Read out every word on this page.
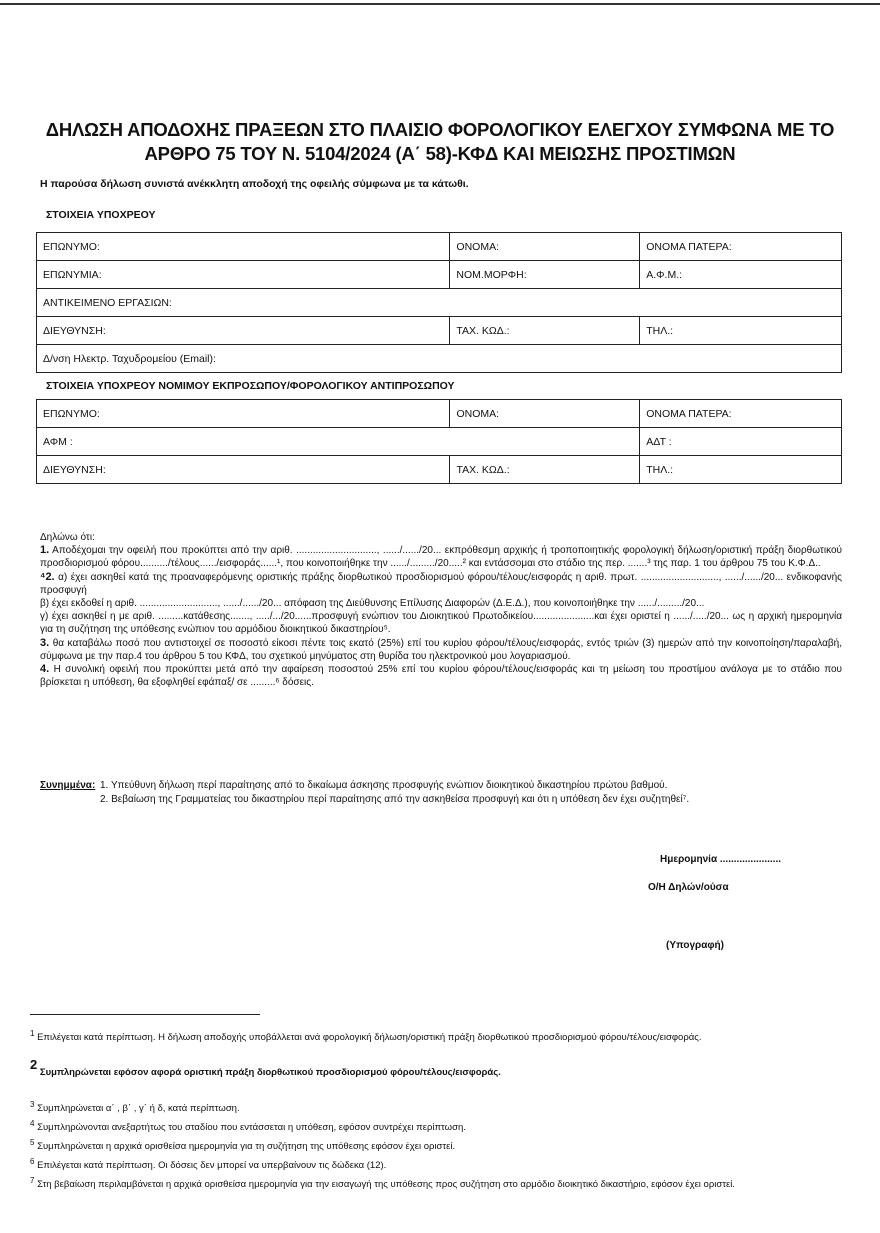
ΔΗΛΩΣΗ ΑΠΟΔΟΧΗΣ ΠΡΑΞΕΩΝ ΣΤΟ ΠΛΑΙΣΙΟ ΦΟΡΟΛΟΓΙΚΟΥ ΕΛΕΓΧΟΥ ΣΥΜΦΩΝΑ ΜΕ ΤΟ ΑΡΘΡΟ 75 ΤΟΥ Ν. 5104/2024 (Α΄ 58)-ΚΦΔ ΚΑΙ ΜΕΙΩΣΗΣ ΠΡΟΣΤΙΜΩΝ
Η παρούσα δήλωση συνιστά ανέκκλητη αποδοχή της οφειλής σύμφωνα με τα κάτωθι.
ΣΤΟΙΧΕΙΑ ΥΠΟΧΡΕΟΥ
ΕΠΩΝΥΜΟ:	ΟΝΟΜΑ:	ΟΝΟΜΑ ΠΑΤΕΡΑ:
ΕΠΩΝΥΜΙΑ:	ΝΟΜ.ΜΟΡΦΗ:	Α.Φ.Μ.:
ΑΝΤΙΚΕΙΜΕΝΟ ΕΡΓΑΣΙΩΝ:		
ΔΙΕΥΘΥΝΣΗ:	ΤΑΧ. ΚΩΔ.:	ΤΗΛ.:
Δ/νση Ηλεκτρ. Ταχυδρομείου (Email):		
ΣΤΟΙΧΕΙΑ ΥΠΟΧΡΕΟΥ ΝΟΜΙΜΟΥ ΕΚΠΡΟΣΩΠΟΥ/ΦΟΡΟΛΟΓΙΚΟΥ ΑΝΤΙΠΡΟΣΩΠΟΥ
ΕΠΩΝΥΜΟ:	ΟΝΟΜΑ:	ΟΝΟΜΑ ΠΑΤΕΡΑ:
ΑΦΜ :		ΑΔΤ :
ΔΙΕΥΘΥΝΣΗ:	ΤΑΧ. ΚΩΔ.:	ΤΗΛ.:

Δηλώνω ότι:

1. Αποδέχομαι την οφειλή που προκύπτει από την αριθ. ............................., ....../....../20... εκπρόθεσμη αρχικής ή τροποποιητικής φορολογική δήλωση/οριστική πράξη διορθωτικού προσδιορισμού φόρου........../τέλους....../εισφοράς......¹, που κοινοποιήθηκε την ....../........./20.....² και εντάσσομαι στο στάδιο της περ. .......³ της παρ. 1 του άρθρου 75 του Κ.Φ.Δ..

⁴2. α) έχει ασκηθεί κατά της προαναφερόμενης οριστικής πράξης διορθωτικού προσδιορισμού φόρου/τέλους/εισφοράς η αριθ. πρωτ. ............................, ....../....../20... ενδικοφανής προσφυγή

β) έχει εκδοθεί η αριθ. ............................, ....../....../20... απόφαση της Διεύθυνσης Επίλυσης Διαφορών (Δ.Ε.Δ.), που κοινοποιήθηκε την ....../........./20...

γ) έχει ασκηθεί η με αριθ. .........κατάθεσης......., ...../.../20......προσφυγή ενώπιον του Διοικητικού Πρωτοδικείου......................και έχει οριστεί η ....../...../20... ως η αρχική ημερομηνία για τη συζήτηση της υπόθεσης ενώπιον του αρμόδιου διοικητικού δικαστηρίου⁵.

3. θα καταβάλω ποσό που αντιστοιχεί σε ποσοστό είκοσι πέντε τοις εκατό (25%) επί του κυρίου φόρου/τέλους/εισφοράς, εντός τριών (3) ημερών από την κοινοποίηση/παραλαβή, σύμφωνα με την παρ.4 του άρθρου 5 του ΚΦΔ, του σχετικού μηνύματος στη θυρίδα του ηλεκτρονικού μου λογαριασμού.

4. Η συνολική οφειλή που προκύπτει μετά από την αφαίρεση ποσοστού 25% επί του κυρίου φόρου/τέλους/εισφοράς και τη μείωση του προστίμου ανάλογα με το στάδιο που βρίσκεται η υπόθεση, θα εξοφληθεί εφάπαξ/ σε .........⁶ δόσεις.

Συνημμένα: 1. Υπεύθυνη δήλωση περί παραίτησης από το δικαίωμα άσκησης προσφυγής ενώπιον διοικητικού δικαστηρίου πρώτου βαθμού.
2. Βεβαίωση της Γραμματείας του δικαστηρίου περί παραίτησης από την ασκηθείσα προσφυγή και ότι η υπόθεση δεν έχει συζητηθεί⁷.
Ημερομηνία ......................
Ο/Η Δηλών/ούσα
(Υπογραφή)
$^1$ Επιλέγεται κατά περίπτωση. Η δήλωση αποδοχής υποβάλλεται ανά φορολογική δήλωση/οριστική πράξη διορθωτικού προσδιορισμού φόρου/τέλους/εισφοράς.
2 Συμπληρώνεται εφόσον αφορά οριστική πράξη διορθωτικού προσδιορισμού φόρου/τέλους/εισφοράς.
$^3$ Συμπληρώνεται α΄ , β΄ , γ΄ ή δ, κατά περίπτωση.
$^4$ Συμπληρώνονται ανεξαρτήτως του σταδίου που εντάσσεται η υπόθεση, εφόσον συντρέχει περίπτωση.
$^5$ Συμπληρώνεται η αρχικά ορισθείσα ημερομηνία για τη συζήτηση της υπόθεσης εφόσον έχει οριστεί.
$^6$ Επιλέγεται κατά περίπτωση. Οι δόσεις δεν μπορεί να υπερβαίνουν τις δώδεκα (12).
$^7$ Στη βεβαίωση περιλαμβάνεται η αρχικά ορισθείσα ημερομηνία για την εισαγωγή της υπόθεσης προς συζήτηση στο αρμόδιο διοικητικό δικαστήριο, εφόσον έχει οριστεί.
